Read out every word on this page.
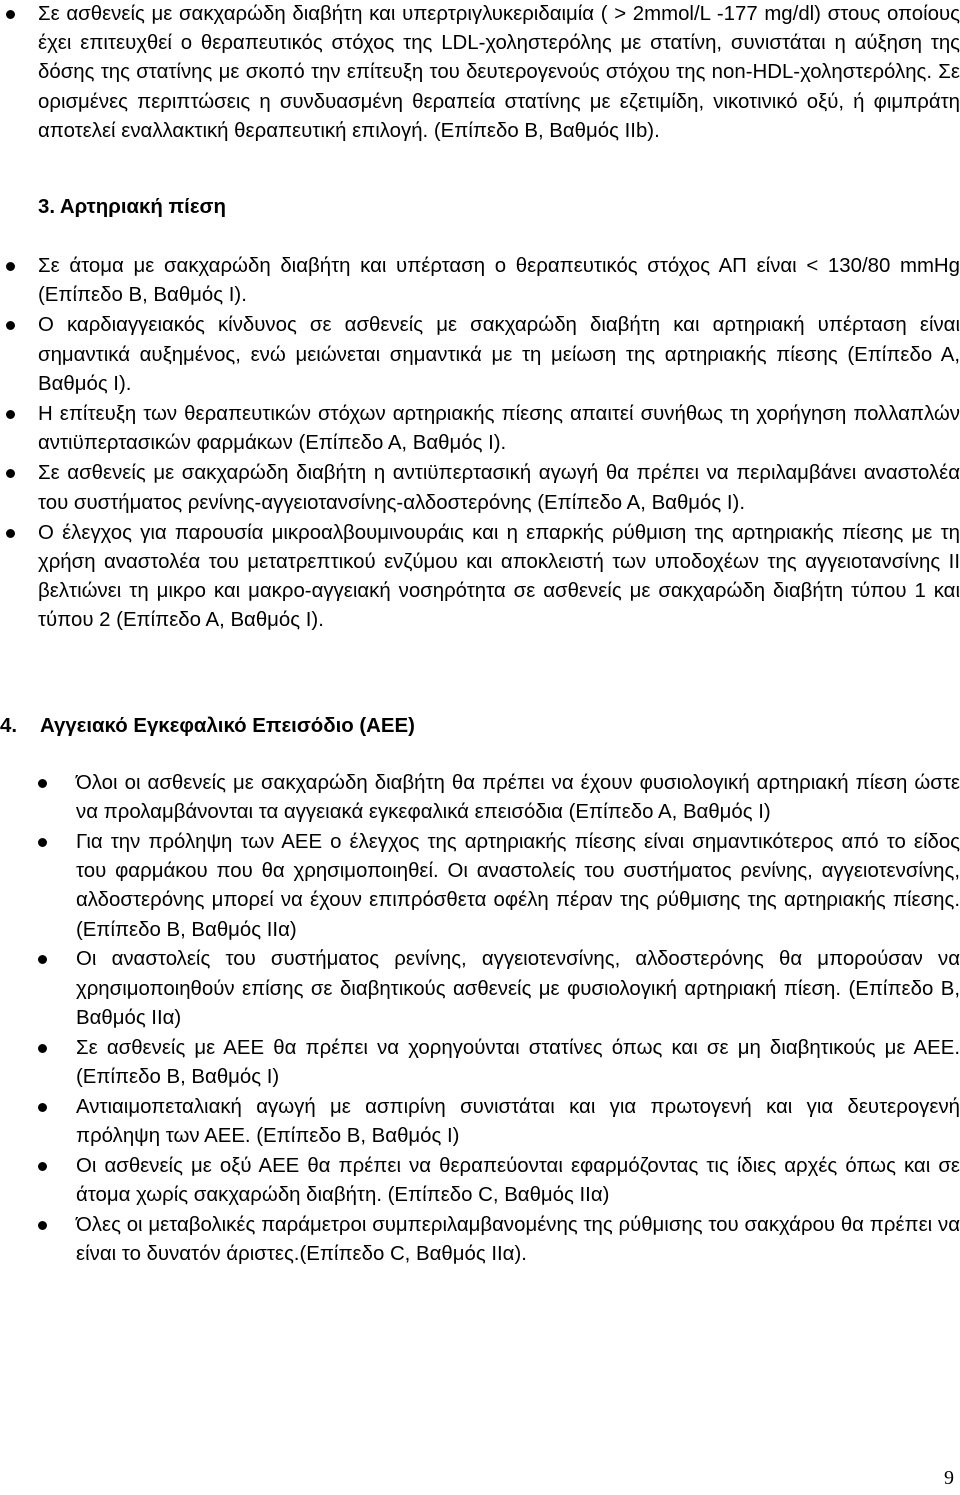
Σε ασθενείς με σακχαρώδη διαβήτη και υπερτριγλυκεριδαιμία ( > 2mmol/L -177 mg/dl) στους οποίους έχει επιτευχθεί ο θεραπευτικός στόχος της LDL-χοληστερόλης με στατίνη, συνιστάται η αύξηση της δόσης της στατίνης με σκοπό την επίτευξη του δευτερογενούς στόχου της non-HDL-χοληστερόλης. Σε ορισμένες περιπτώσεις η συνδυασμένη θεραπεία στατίνης με εζετιμίδη, νικοτινικό οξύ, ή φιμπράτη αποτελεί εναλλακτική θεραπευτική επιλογή. (Επίπεδο Β, Βαθμός ΙΙb).
3. Αρτηριακή πίεση
Σε άτομα με σακχαρώδη διαβήτη και υπέρταση ο θεραπευτικός στόχος ΑΠ είναι < 130/80 mmHg (Επίπεδο Β, Βαθμός Ι).
Ο καρδιαγγειακός κίνδυνος σε ασθενείς με σακχαρώδη διαβήτη και αρτηριακή υπέρταση είναι σημαντικά αυξημένος, ενώ μειώνεται σημαντικά με τη μείωση της αρτηριακής πίεσης (Επίπεδο Α, Βαθμός Ι).
Η επίτευξη των θεραπευτικών στόχων αρτηριακής πίεσης απαιτεί συνήθως τη χορήγηση πολλαπλών αντιϋπερτασικών φαρμάκων (Επίπεδο Α, Βαθμός Ι).
Σε ασθενείς με σακχαρώδη διαβήτη η αντιϋπερτασική αγωγή θα πρέπει να περιλαμβάνει αναστολέα του συστήματος ρενίνης-αγγειοτανσίνης-αλδοστερόνης (Επίπεδο Α, Βαθμός Ι).
Ο έλεγχος για παρουσία μικροαλβουμινουράις και η επαρκής ρύθμιση της αρτηριακής πίεσης με τη χρήση αναστολέα του μετατρεπτικού ενζύμου και αποκλειστή των υποδοχέων της αγγειοτανσίνης ΙΙ βελτιώνει τη μικρο και μακρο-αγγειακή νοσηρότητα σε ασθενείς με σακχαρώδη διαβήτη τύπου 1 και τύπου 2 (Επίπεδο Α, Βαθμός Ι).
4. Αγγειακό Εγκεφαλικό Επεισόδιο (ΑΕΕ)
Όλοι οι ασθενείς με σακχαρώδη διαβήτη θα πρέπει να έχουν φυσιολογική αρτηριακή πίεση ώστε να προλαμβάνονται τα αγγειακά εγκεφαλικά επεισόδια (Επίπεδο Α, Βαθμός Ι)
Για την πρόληψη των ΑΕΕ ο έλεγχος της αρτηριακής πίεσης είναι σημαντικότερος από το είδος του φαρμάκου που θα χρησιμοποιηθεί. Οι αναστολείς του συστήματος ρενίνης, αγγειοτενσίνης, αλδοστερόνης μπορεί να έχουν επιπρόσθετα οφέλη πέραν της ρύθμισης της αρτηριακής πίεσης. (Επίπεδο Β, Βαθμός ΙΙα)
Οι αναστολείς του συστήματος ρενίνης, αγγειοτενσίνης, αλδοστερόνης θα μπορούσαν να χρησιμοποιηθούν επίσης σε διαβητικούς ασθενείς με φυσιολογική αρτηριακή πίεση. (Επίπεδο Β, Βαθμός ΙΙα)
Σε ασθενείς με ΑΕΕ θα πρέπει να χορηγούνται στατίνες όπως και σε μη διαβητικούς με ΑΕΕ. (Επίπεδο Β, Βαθμός Ι)
Αντιαιμοπεταλιακή αγωγή με ασπιρίνη συνιστάται και για πρωτογενή και για δευτερογενή πρόληψη των ΑΕΕ. (Επίπεδο Β, Βαθμός Ι)
Οι ασθενείς με οξύ ΑΕΕ θα πρέπει να θεραπεύονται εφαρμόζοντας τις ίδιες αρχές όπως και σε άτομα χωρίς σακχαρώδη διαβήτη. (Επίπεδο C, Βαθμός ΙΙα)
Όλες οι μεταβολικές παράμετροι συμπεριλαμβανομένης της ρύθμισης του σακχάρου θα πρέπει να είναι το δυνατόν άριστες.(Επίπεδο C, Βαθμός ΙΙα).
9
